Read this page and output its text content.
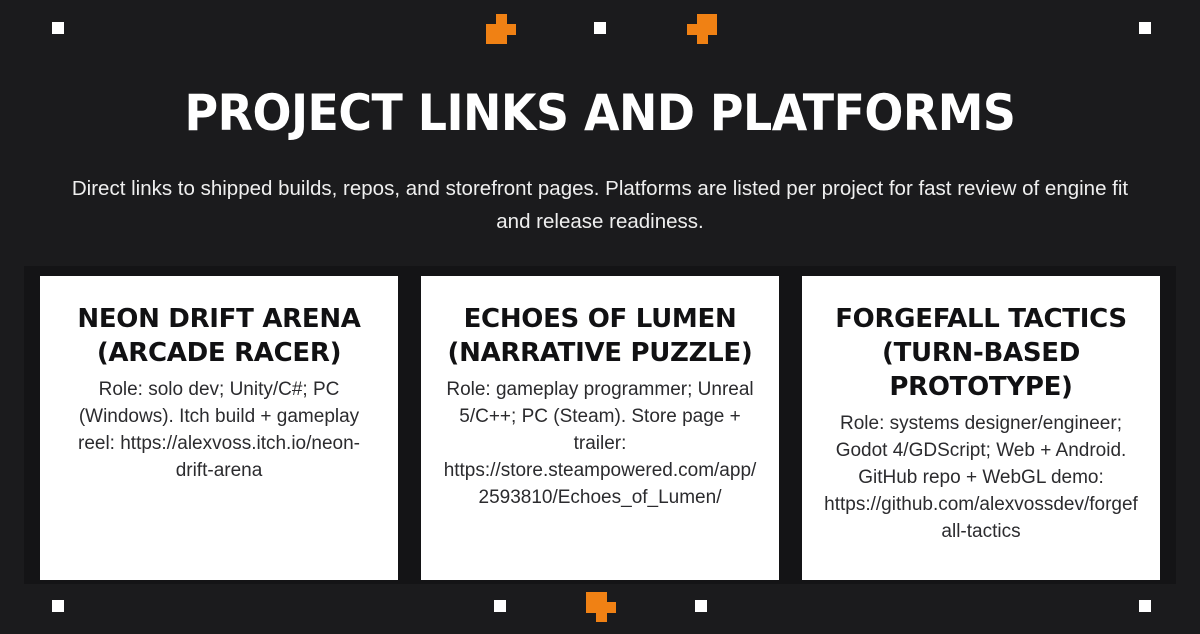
PROJECT LINKS AND PLATFORMS
Direct links to shipped builds, repos, and storefront pages. Platforms are listed per project for fast review of engine fit and release readiness.
NEON DRIFT ARENA (ARCADE RACER)
Role: solo dev; Unity/C#; PC (Windows). Itch build + gameplay reel: https://alexvoss.itch.io/neon-drift-arena
ECHOES OF LUMEN (NARRATIVE PUZZLE)
Role: gameplay programmer; Unreal 5/C++; PC (Steam). Store page + trailer: https://store.steampowered.com/app/2593810/Echoes_of_Lumen/
FORGEFALL TACTICS (TURN-BASED PROTOTYPE)
Role: systems designer/engineer; Godot 4/GDScript; Web + Android. GitHub repo + WebGL demo: https://github.com/alexvossdev/forgefall-tactics
